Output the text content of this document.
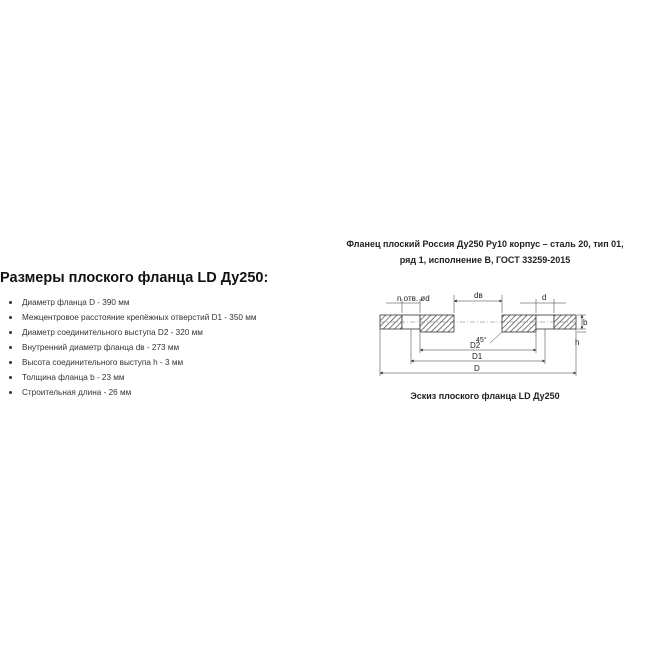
Размеры плоского фланца LD Ду250:
Диаметр фланца D - 390 мм
Межцентровое расстояние крепёжных отверстий D1 - 350 мм
Диаметр соединительного выступа D2 - 320 мм
Внутренний диаметр фланца dв - 273 мм
Высота соединительного выступа h - 3 мм
Толщина фланца b - 23 мм
Строительная длина - 26 мм
Фланец плоский Россия Ду250 Ру10 корпус – сталь 20, тип 01,
ряд 1, исполнение B, ГОСТ 33259-2015
n отв. ød	dв	d
b
h
45°
D2
D1
D
Эскиз плоского фланца LD Ду250
